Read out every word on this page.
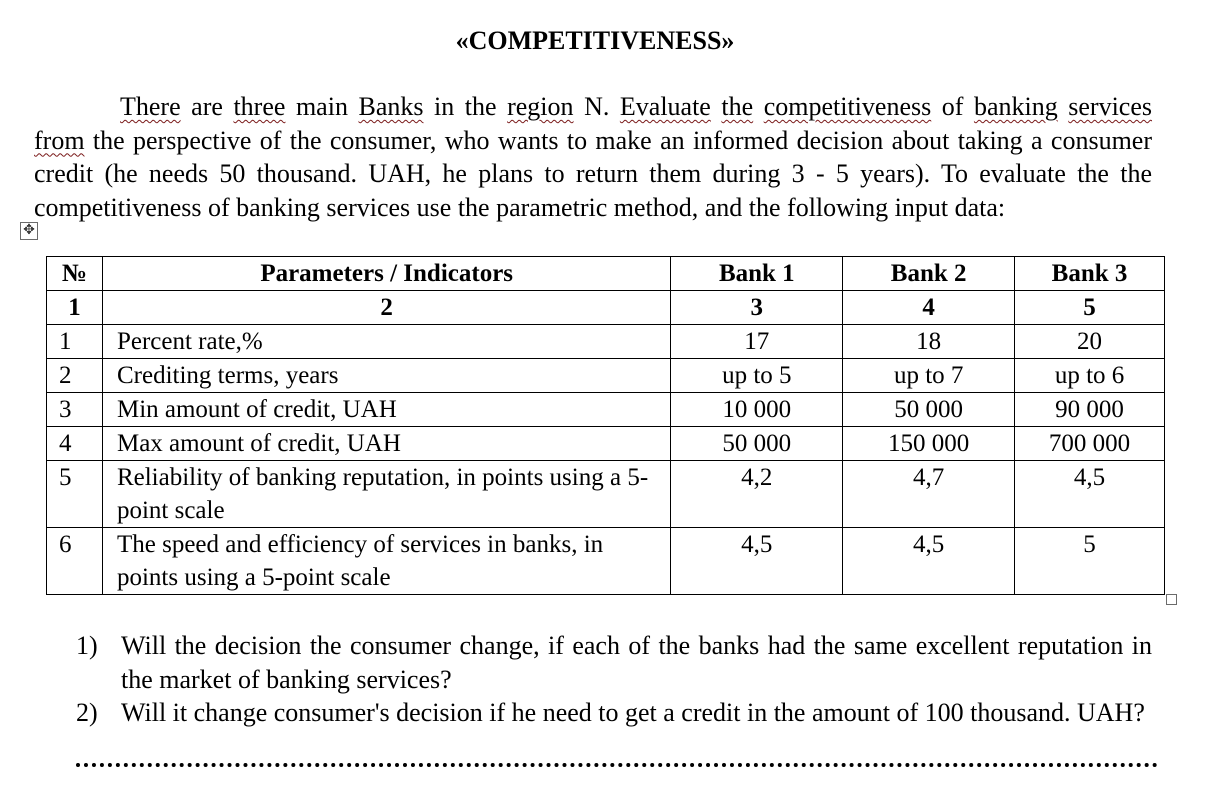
«COMPETITIVENESS»

There are three main Banks in the region N. Evaluate the competitiveness of banking services from the perspective of the consumer, who wants to make an informed decision about taking a consumer credit (he needs 50 thousand. UAH, he plans to return them during 3 - 5 years). To evaluate the the competitiveness of banking services use the parametric method, and the following input data:

✥
№	Parameters / Indicators	Bank 1	Bank 2	Bank 3
1	2	3	4	5
1	Percent rate,%	17	18	20
2	Crediting terms, years	up to 5	up to 7	up to 6
3	Min amount of credit, UAH	10 000	50 000	90 000
4	Max amount of credit, UAH	50 000	150 000	700 000
5	Reliability of banking reputation, in points using a 5-point scale	4,2	4,7	4,5
6	The speed and efficiency of services in banks, in points using a 5-point scale	4,5	4,5	5
1) Will the decision the consumer change, if each of the banks had the same excellent reputation in the market of banking services?
2) Will it change consumer's decision if he need to get a credit in the amount of 100 thousand. UAH?
